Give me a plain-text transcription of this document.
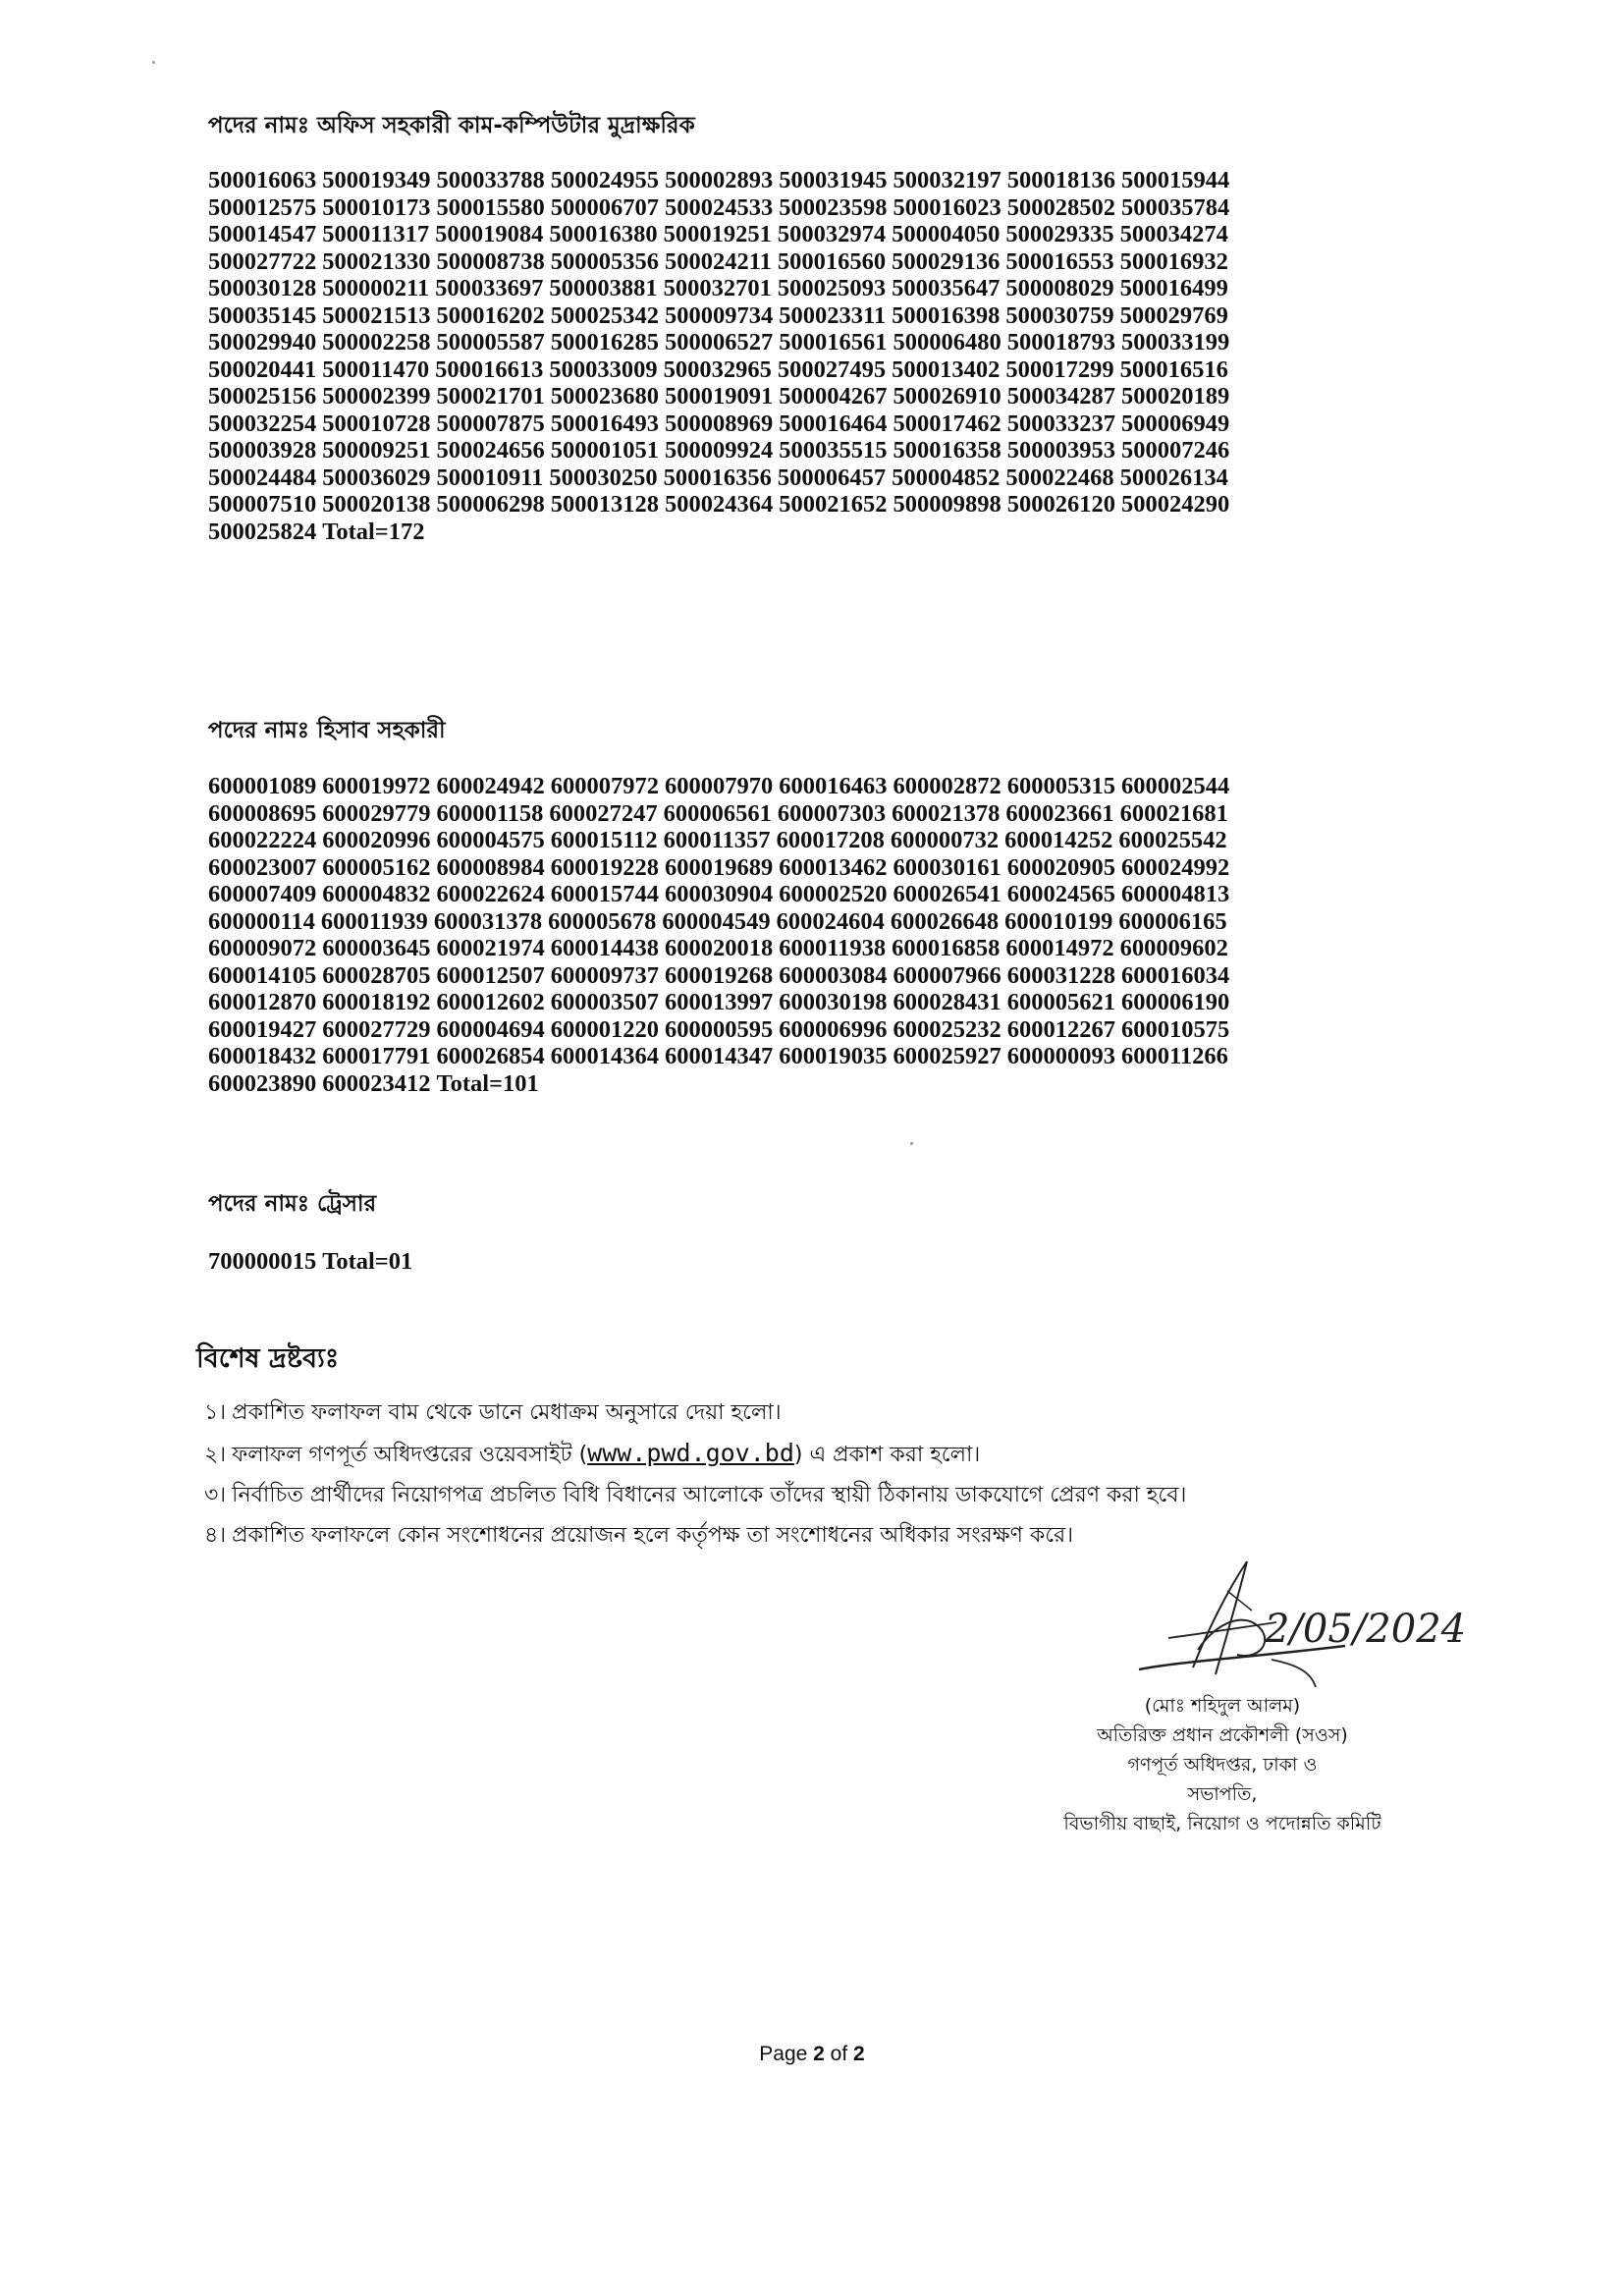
পদের নামঃ অফিস সহকারী কাম-কম্পিউটার মুদ্রাক্ষরিক
500016063 500019349 500033788 500024955 500002893 500031945 500032197 500018136 500015944
500012575 500010173 500015580 500006707 500024533 500023598 500016023 500028502 500035784
500014547 500011317 500019084 500016380 500019251 500032974 500004050 500029335 500034274
500027722 500021330 500008738 500005356 500024211 500016560 500029136 500016553 500016932
500030128 500000211 500033697 500003881 500032701 500025093 500035647 500008029 500016499
500035145 500021513 500016202 500025342 500009734 500023311 500016398 500030759 500029769
500029940 500002258 500005587 500016285 500006527 500016561 500006480 500018793 500033199
500020441 500011470 500016613 500033009 500032965 500027495 500013402 500017299 500016516
500025156 500002399 500021701 500023680 500019091 500004267 500026910 500034287 500020189
500032254 500010728 500007875 500016493 500008969 500016464 500017462 500033237 500006949
500003928 500009251 500024656 500001051 500009924 500035515 500016358 500003953 500007246
500024484 500036029 500010911 500030250 500016356 500006457 500004852 500022468 500026134
500007510 500020138 500006298 500013128 500024364 500021652 500009898 500026120 500024290
500025824 Total=172
পদের নামঃ হিসাব সহকারী
600001089 600019972 600024942 600007972 600007970 600016463 600002872 600005315 600002544
600008695 600029779 600001158 600027247 600006561 600007303 600021378 600023661 600021681
600022224 600020996 600004575 600015112 600011357 600017208 600000732 600014252 600025542
600023007 600005162 600008984 600019228 600019689 600013462 600030161 600020905 600024992
600007409 600004832 600022624 600015744 600030904 600002520 600026541 600024565 600004813
600000114 600011939 600031378 600005678 600004549 600024604 600026648 600010199 600006165
600009072 600003645 600021974 600014438 600020018 600011938 600016858 600014972 600009602
600014105 600028705 600012507 600009737 600019268 600003084 600007966 600031228 600016034
600012870 600018192 600012602 600003507 600013997 600030198 600028431 600005621 600006190
600019427 600027729 600004694 600001220 600000595 600006996 600025232 600012267 600010575
600018432 600017791 600026854 600014364 600014347 600019035 600025927 600000093 600011266
600023890 600023412 Total=101
পদের নামঃ ট্রেসার
700000015 Total=01
বিশেষ দ্রষ্টব্যঃ
১। প্রকাশিত ফলাফল বাম থেকে ডানে মেধাক্রম অনুসারে দেয়া হলো।
২। ফলাফল গণপূর্ত অধিদপ্তরের ওয়েবসাইট (www.pwd.gov.bd) এ প্রকাশ করা হলো।
৩। নির্বাচিত প্রার্থীদের নিয়োগপত্র প্রচলিত বিধি বিধানের আলোকে তাঁদের স্থায়ী ঠিকানায় ডাকযোগে প্রেরণ করা হবে।
৪। প্রকাশিত ফলাফলে কোন সংশোধনের প্রয়োজন হলে কর্তৃপক্ষ তা সংশোধনের অধিকার সংরক্ষণ করে।
2/05/2024
(মোঃ শহিদুল আলম)
অতিরিক্ত প্রধান প্রকৌশলী (সওস)
গণপূর্ত অধিদপ্তর, ঢাকা ও
সভাপতি,
বিভাগীয় বাছাই, নিয়োগ ও পদোন্নতি কমিটি
Page 2 of 2
